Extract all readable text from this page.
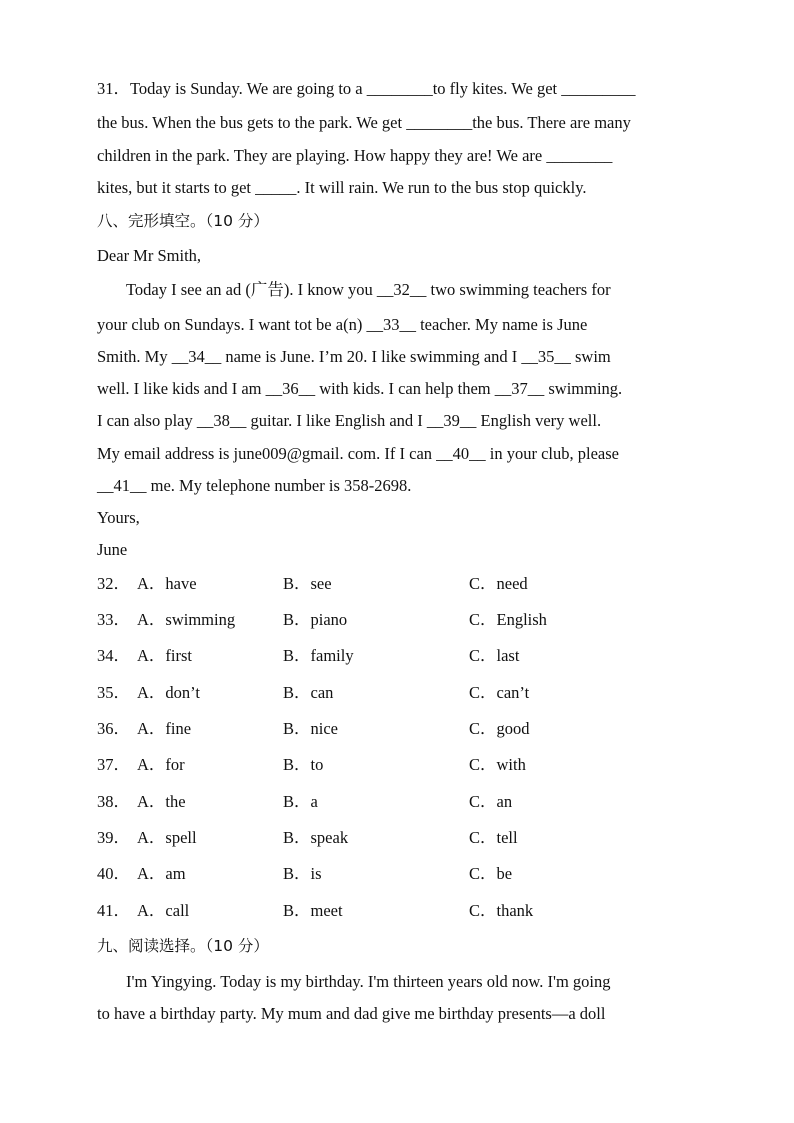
31．Today is Sunday. We are going to a ________to fly kites. We get _________
the bus. When the bus gets to the park. We get ________the bus. There are many
children in the park. They are playing. How happy they are! We are ________
kites, but it starts to get _____. It will rain. We run to the bus stop quickly.
八、完形填空。（10 分）
Dear Mr Smith,
Today I see an ad (广告). I know you __32__ two swimming teachers for
your club on Sundays. I want tot be a(n) __33__ teacher. My name is June
Smith. My __34__ name is June. I’m 20. I like swimming and I __35__ swim
well. I like kids and I am __36__ with kids. I can help them __37__ swimming.
I can also play __38__ guitar. I like English and I __39__ English very well.
My email address is june009@gmail. com. If I can __40__ in your club, please
__41__ me. My telephone number is 358-2698.
Yours,
June
32． A．have	B．see	C．need
33． A．swimming	B．piano	C．English
34． A．first	B．family	C．last
35． A．don’t	B．can	C．can’t
36． A．fine	B．nice	C．good
37． A．for	B．to	C．with
38． A．the	B．a	C．an
39． A．spell	B．speak	C．tell
40． A．am	B．is	C．be
41． A．call	B．meet	C．thank
九、阅读选择。（10 分）
I'm Yingying. Today is my birthday. I'm thirteen years old now. I'm going
to have a birthday party. My mum and dad give me birthday presents—a doll
